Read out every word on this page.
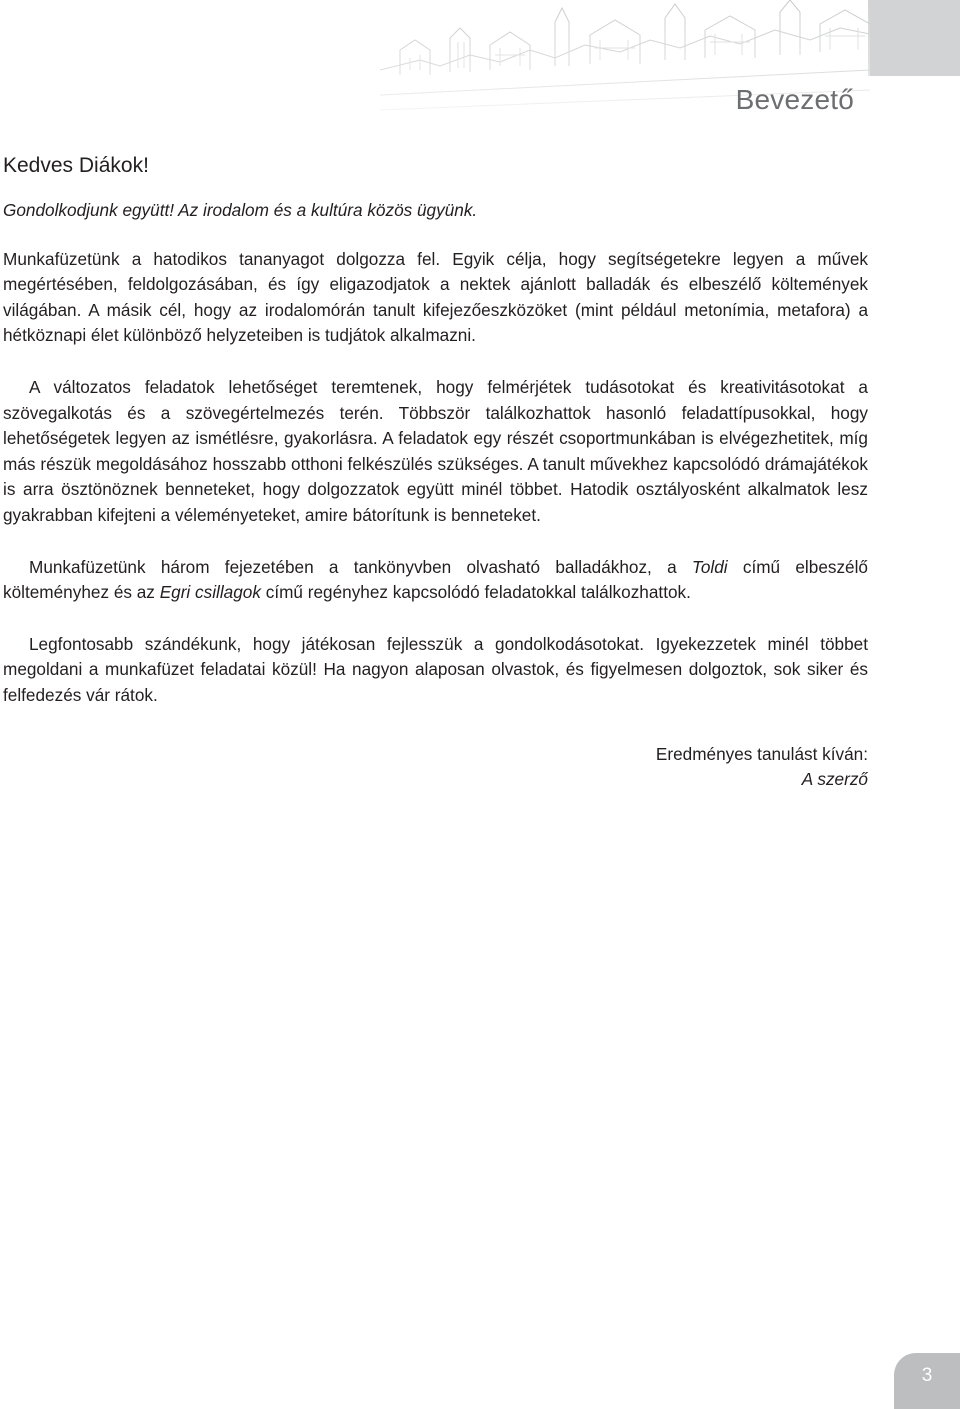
Bevezető

Kedves Diákok!

Gondolkodjunk együtt! Az irodalom és a kultúra közös ügyünk.

Munkafüzetünk a hatodikos tananyagot dolgozza fel. Egyik célja, hogy segítségetekre legyen a művek megértésében, feldolgozásában, és így eligazodjatok a nektek ajánlott balladák és elbeszélő költemények világában. A másik cél, hogy az irodalomórán tanult kifejezőeszközöket (mint például metonímia, metafora) a hétköznapi élet különböző helyzeteiben is tudjátok alkalmazni.

A változatos feladatok lehetőséget teremtenek, hogy felmérjétek tudásotokat és kreativitásotokat a szövegalkotás és a szövegértelmezés terén. Többször találkozhattok hasonló feladattípusokkal, hogy lehetőségetek legyen az ismétlésre, gyakorlásra. A feladatok egy részét csoportmunkában is elvégezhetitek, míg más részük megoldásához hosszabb otthoni felkészülés szükséges. A tanult művekhez kapcsolódó drámajátékok is arra ösztönöznek benneteket, hogy dolgozzatok együtt minél többet. Hatodik osztályosként alkalmatok lesz gyakrabban kifejteni a véleményeteket, amire bátorítunk is benneteket.

Munkafüzetünk három fejezetében a tankönyvben olvasható balladákhoz, a Toldi című elbeszélő költeményhez és az Egri csillagok című regényhez kapcsolódó feladatokkal találkozhattok.

Legfontosabb szándékunk, hogy játékosan fejlesszük a gondolkodásotokat. Igyekezzetek minél többet megoldani a munkafüzet feladatai közül! Ha nagyon alaposan olvastok, és figyelmesen dolgoztok, sok siker és felfedezés vár rátok.

Eredményes tanulást kíván:

A szerző

3
